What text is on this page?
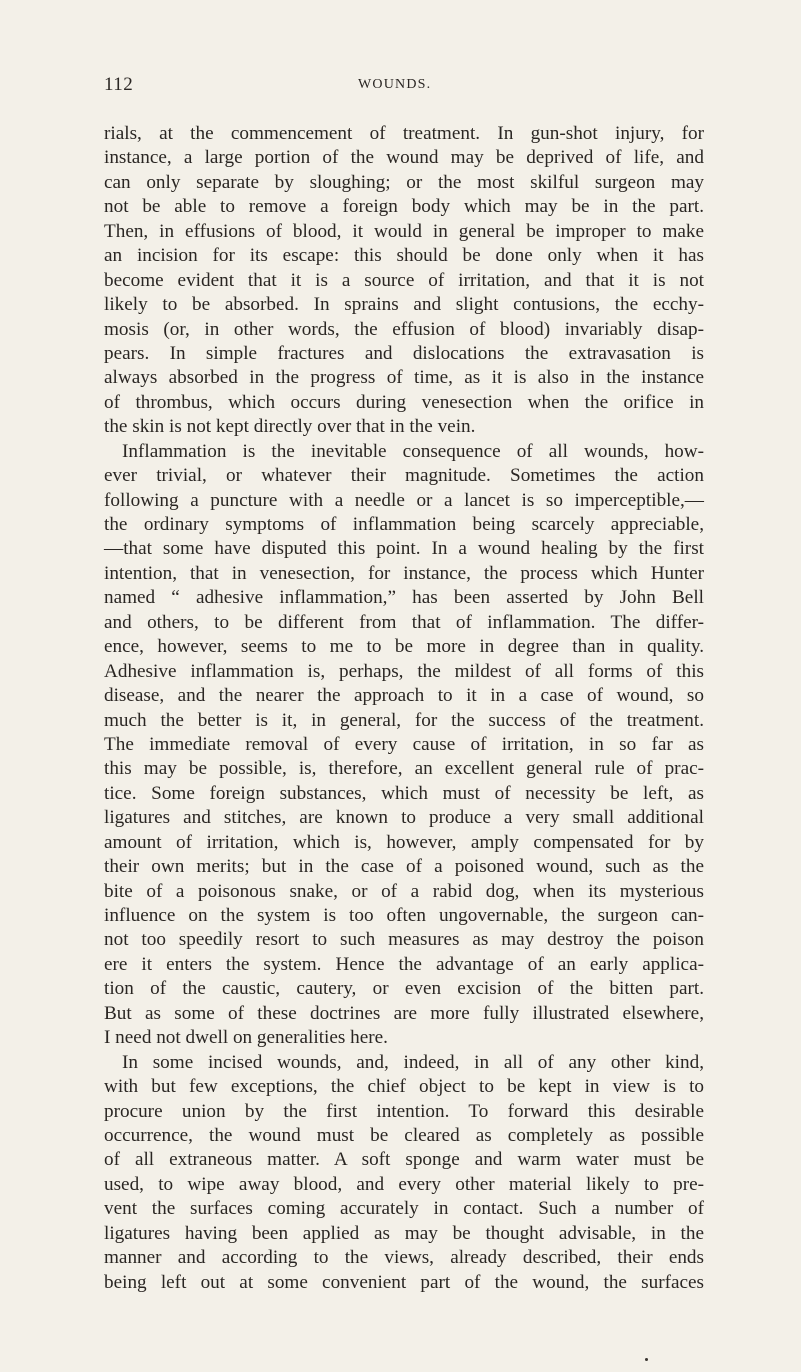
112	WOUNDS.
rials, at the commencement of treatment. In gun-shot injury, for
instance, a large portion of the wound may be deprived of life, and
can only separate by sloughing; or the most skilful surgeon may
not be able to remove a foreign body which may be in the part.
Then, in effusions of blood, it would in general be improper to make
an incision for its escape: this should be done only when it has
become evident that it is a source of irritation, and that it is not
likely to be absorbed. In sprains and slight contusions, the ecchy-
mosis (or, in other words, the effusion of blood) invariably disap-
pears. In simple fractures and dislocations the extravasation is
always absorbed in the progress of time, as it is also in the instance
of thrombus, which occurs during venesection when the orifice in
the skin is not kept directly over that in the vein.
Inflammation is the inevitable consequence of all wounds, how-
ever trivial, or whatever their magnitude. Sometimes the action
following a puncture with a needle or a lancet is so imperceptible,—
the ordinary symptoms of inflammation being scarcely appreciable,
—that some have disputed this point. In a wound healing by the first
intention, that in venesection, for instance, the process which Hunter
named “ adhesive inflammation,” has been asserted by John Bell
and others, to be different from that of inflammation. The differ-
ence, however, seems to me to be more in degree than in quality.
Adhesive inflammation is, perhaps, the mildest of all forms of this
disease, and the nearer the approach to it in a case of wound, so
much the better is it, in general, for the success of the treatment.
The immediate removal of every cause of irritation, in so far as
this may be possible, is, therefore, an excellent general rule of prac-
tice. Some foreign substances, which must of necessity be left, as
ligatures and stitches, are known to produce a very small additional
amount of irritation, which is, however, amply compensated for by
their own merits; but in the case of a poisoned wound, such as the
bite of a poisonous snake, or of a rabid dog, when its mysterious
influence on the system is too often ungovernable, the surgeon can-
not too speedily resort to such measures as may destroy the poison
ere it enters the system. Hence the advantage of an early applica-
tion of the caustic, cautery, or even excision of the bitten part.
But as some of these doctrines are more fully illustrated elsewhere,
I need not dwell on generalities here.
In some incised wounds, and, indeed, in all of any other kind,
with but few exceptions, the chief object to be kept in view is to
procure union by the first intention. To forward this desirable
occurrence, the wound must be cleared as completely as possible
of all extraneous matter. A soft sponge and warm water must be
used, to wipe away blood, and every other material likely to pre-
vent the surfaces coming accurately in contact. Such a number of
ligatures having been applied as may be thought advisable, in the
manner and according to the views, already described, their ends
being left out at some convenient part of the wound, the surfaces
